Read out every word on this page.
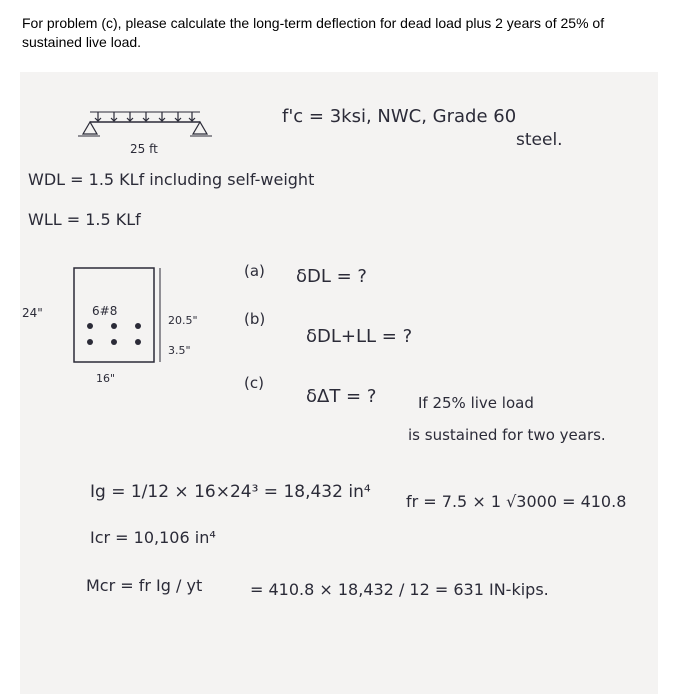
For problem (c), please calculate the long-term deflection for dead load plus 2 years of 25% of sustained live load.
25 ft
f'c = 3ksi, NWC, Grade 60
steel.
WDL = 1.5 KLf including self-weight
WLL = 1.5 KLf
24"	6#8
20.5"
3.5"
16"
(a) δDL = ?
(b)
δDL+LL = ?
(c)
δΔT = ?	If 25% live load
is sustained for two years.
Ig = 1/12 × 16×24³ = 18,432 in⁴ fr = 7.5 × 1 √3000 = 410.8
Icr = 10,106 in⁴
Mcr = fr Ig / yt	= 410.8 × 18,432 / 12 = 631 IN-kips.
